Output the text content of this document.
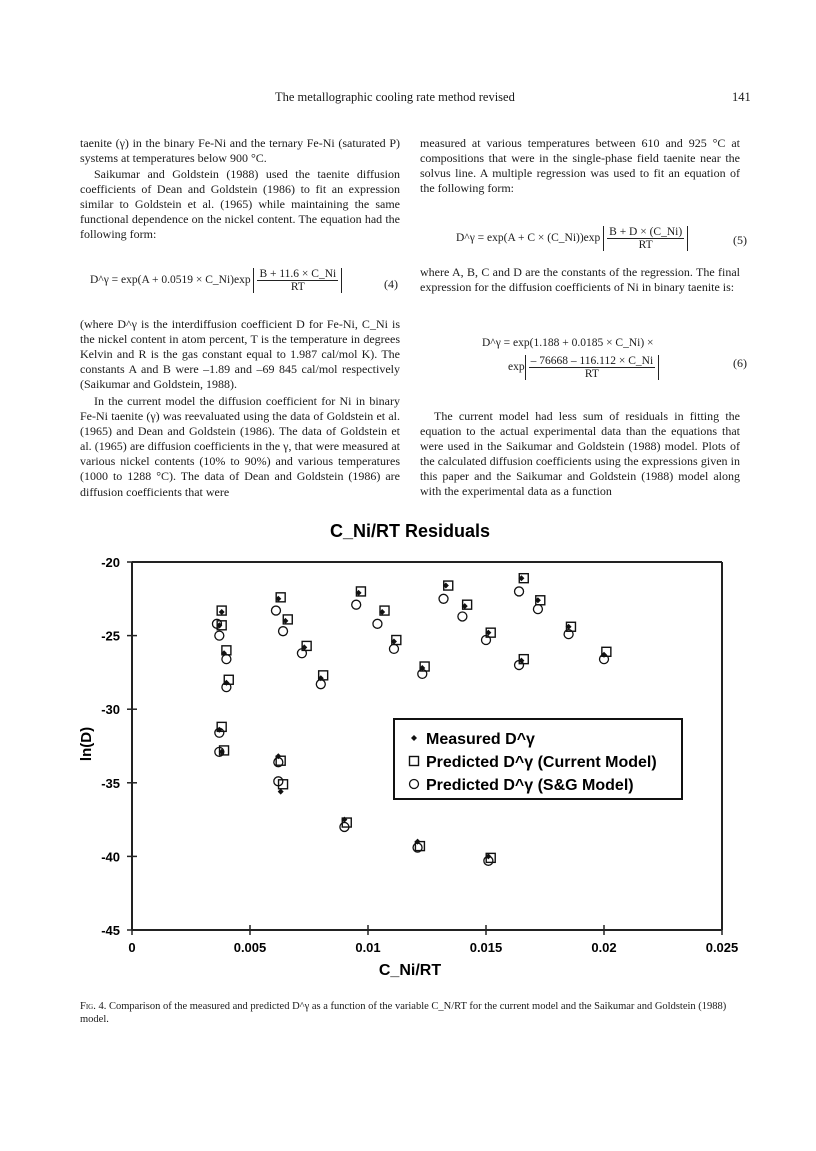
The metallographic cooling rate method revised	141
taenite (γ) in the binary Fe-Ni and the ternary Fe-Ni (saturated P) systems at temperatures below 900 °C.
Saikumar and Goldstein (1988) used the taenite diffusion coefficients of Dean and Goldstein (1986) to fit an expression similar to Goldstein et al. (1965) while maintaining the same functional dependence on the nickel content. The equation had the following form:
D^γ = exp(A + 0.0519 × C_Ni)exp $\frac{B + 11.6 \times C\_Ni}{RT}$	(4)
(where D^γ is the interdiffusion coefficient D for Fe-Ni, C_Ni is the nickel content in atom percent, T is the temperature in degrees Kelvin and R is the gas constant equal to 1.987 cal/mol K). The constants A and B were –1.89 and –69 845 cal/mol respectively (Saikumar and Goldstein, 1988).
In the current model the diffusion coefficient for Ni in binary Fe-Ni taenite (γ) was reevaluated using the data of Goldstein et al. (1965) and Dean and Goldstein (1986). The data of Goldstein et al. (1965) are diffusion coefficients in the γ, that were measured at various nickel contents (10% to 90%) and various temperatures (1000 to 1288 °C). The data of Dean and Goldstein (1986) are diffusion coefficients that were
measured at various temperatures between 610 and 925 °C at compositions that were in the single-phase field taenite near the solvus line. A multiple regression was used to fit an equation of the following form:
D^γ = exp(A + C × (C_Ni))exp $\frac{B + D \times (C\_Ni)}{RT}$	(5)
where A, B, C and D are the constants of the regression. The final expression for the diffusion coefficients of Ni in binary taenite is:
D^γ = exp(1.188 + 0.0185 × C_Ni) ×
$\exp \frac{- 76668 - 116.112 \times C\_Ni}{RT}$	(6)
The current model had less sum of residuals in fitting the equation to the actual experimental data than the equations that were used in the Saikumar and Goldstein (1988) model. Plots of the calculated diffusion coefficients using the expressions given in this paper and the Saikumar and Goldstein (1988) model along with the experimental data as a function
C_Ni/RT Residuals
-20
-25
-30
-35
-40
-45
0	0.005	0.01	0.015	0.02	0.025
C_Ni/RT
ln(D)	Measured D^γ
Predicted D^γ (Current Model)
Predicted D^γ (S&G Model)
Fig. 4. Comparison of the measured and predicted D^γ as a function of the variable C_N/RT for the current model and the Saikumar and Goldstein (1988) model.
